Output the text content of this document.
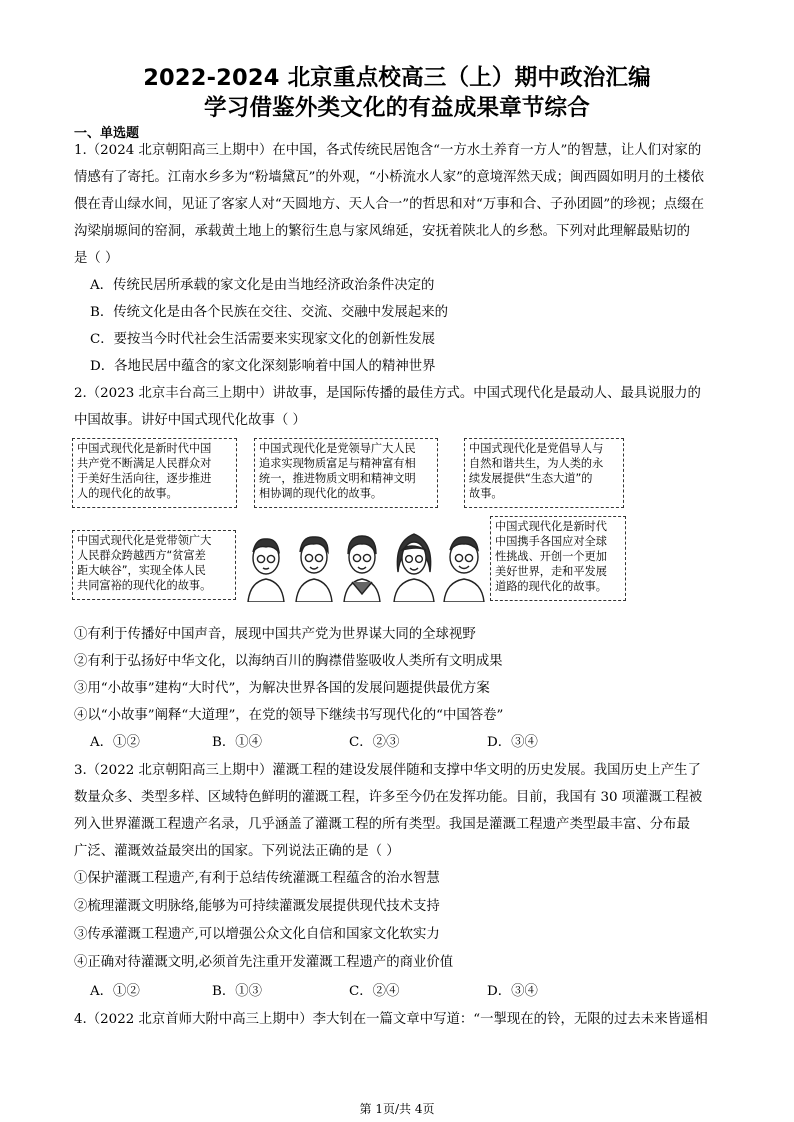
2022-2024 北京重点校高三（上）期中政治汇编
学习借鉴外类文化的有益成果章节综合
一、单选题
1.（2024 北京朝阳高三上期中）在中国，各式传统民居饱含“一方水土养育一方人”的智慧，让人们对家的
情感有了寄托。江南水乡多为“粉墙黛瓦”的外观，“小桥流水人家”的意境浑然天成；闽西圆如明月的土楼依
偎在青山绿水间，见证了客家人对“天圆地方、天人合一”的哲思和对“万事和合、子孙团圆”的珍视；点缀在
沟梁崩塬间的窑洞，承载黄土地上的繁衍生息与家风绵延，安抚着陕北人的乡愁。下列对此理解最贴切的
是（ ）
A．传统民居所承载的家文化是由当地经济政治条件决定的
B．传统文化是由各个民族在交往、交流、交融中发展起来的
C．要按当今时代社会生活需要来实现家文化的创新性发展
D．各地民居中蕴含的家文化深刻影响着中国人的精神世界
2.（2023 北京丰台高三上期中）讲故事，是国际传播的最佳方式。中国式现代化是最动人、最具说服力的
中国故事。讲好中国式现代化故事（ ）
中国式现代化是新时代中国
共产党不断满足人民群众对
于美好生活向往，逐步推进
人的现代化的故事。
中国式现代化是党领导广大人民
追求实现物质富足与精神富有相
统一，推进物质文明和精神文明
相协调的现代化的故事。
中国式现代化是党倡导人与
自然和谐共生，为人类的永
续发展提供“生态大道”的
故事。
中国式现代化是党带领广大
人民群众跨越西方“贫富差
距大峡谷”，实现全体人民
共同富裕的现代化的故事。
中国式现代化是新时代
中国携手各国应对全球
性挑战、开创一个更加
美好世界，走和平发展
道路的现代化的故事。
①有利于传播好中国声音，展现中国共产党为世界谋大同的全球视野
②有利于弘扬好中华文化，以海纳百川的胸襟借鉴吸收人类所有文明成果
③用“小故事”建构“大时代”，为解决世界各国的发展问题提供最优方案
④以“小故事”阐释“大道理”，在党的领导下继续书写现代化的“中国答卷”
A．①②	B．①④	C．②③	D．③④
3.（2022 北京朝阳高三上期中）灌溉工程的建设发展伴随和支撑中华文明的历史发展。我国历史上产生了
数量众多、类型多样、区域特色鲜明的灌溉工程，许多至今仍在发挥功能。目前，我国有 30 项灌溉工程被
列入世界灌溉工程遗产名录，几乎涵盖了灌溉工程的所有类型。我国是灌溉工程遗产类型最丰富、分布最
广泛、灌溉效益最突出的国家。下列说法正确的是（ ）
①保护灌溉工程遗产,有利于总结传统灌溉工程蕴含的治水智慧
②梳理灌溉文明脉络,能够为可持续灌溉发展提供现代技术支持
③传承灌溉工程遗产,可以增强公众文化自信和国家文化软实力
④正确对待灌溉文明,必须首先注重开发灌溉工程遗产的商业价值
A．①②	B．①③	C．②④	D．③④
4.（2022 北京首师大附中高三上期中）李大钊在一篇文章中写道：“一掣现在的铃，无限的过去未来皆遥相
第 1页/共 4页
